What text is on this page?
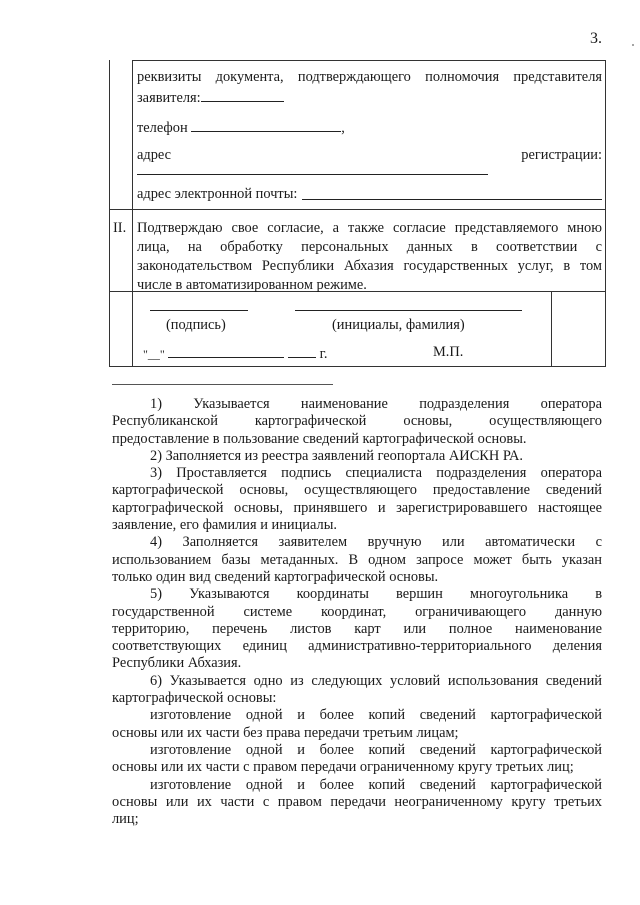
3.
реквизиты документа, подтверждающего полномочия представителя
заявителя:
телефон	,
адрес	регистрации:
адрес электронной почты:
II. Подтверждаю свое согласие, а также согласие представляемого мною
лица, на обработку персональных данных в соответствии с
законодательством Республики Абхазия государственных услуг, в том
числе в автоматизированном режиме.
(подпись)	(инициалы, фамилия)
"__"	г.	М.П.
1) Указывается наименование подразделения оператора
Республиканской картографической основы, осуществляющего
предоставление в пользование сведений картографической основы.
2) Заполняется из реестра заявлений геопортала АИСКН РА.
3) Проставляется подпись специалиста подразделения оператора
картографической основы, осуществляющего предоставление сведений
картографической основы, принявшего и зарегистрировавшего настоящее
заявление, его фамилия и инициалы.
4) Заполняется заявителем вручную или автоматически с
использованием базы метаданных. В одном запросе может быть указан
только один вид сведений картографической основы.
5) Указываются координаты вершин многоугольника в
государственной системе координат, ограничивающего данную
территорию, перечень листов карт или полное наименование
соответствующих единиц административно-территориального деления
Республики Абхазия.
6) Указывается одно из следующих условий использования сведений
картографической основы:
изготовление одной и более копий сведений картографической
основы или их части без права передачи третьим лицам;
изготовление одной и более копий сведений картографической
основы или их части с правом передачи ограниченному кругу третьих лиц;
изготовление одной и более копий сведений картографической
основы или их части с правом передачи неограниченному кругу третьих
лиц;
